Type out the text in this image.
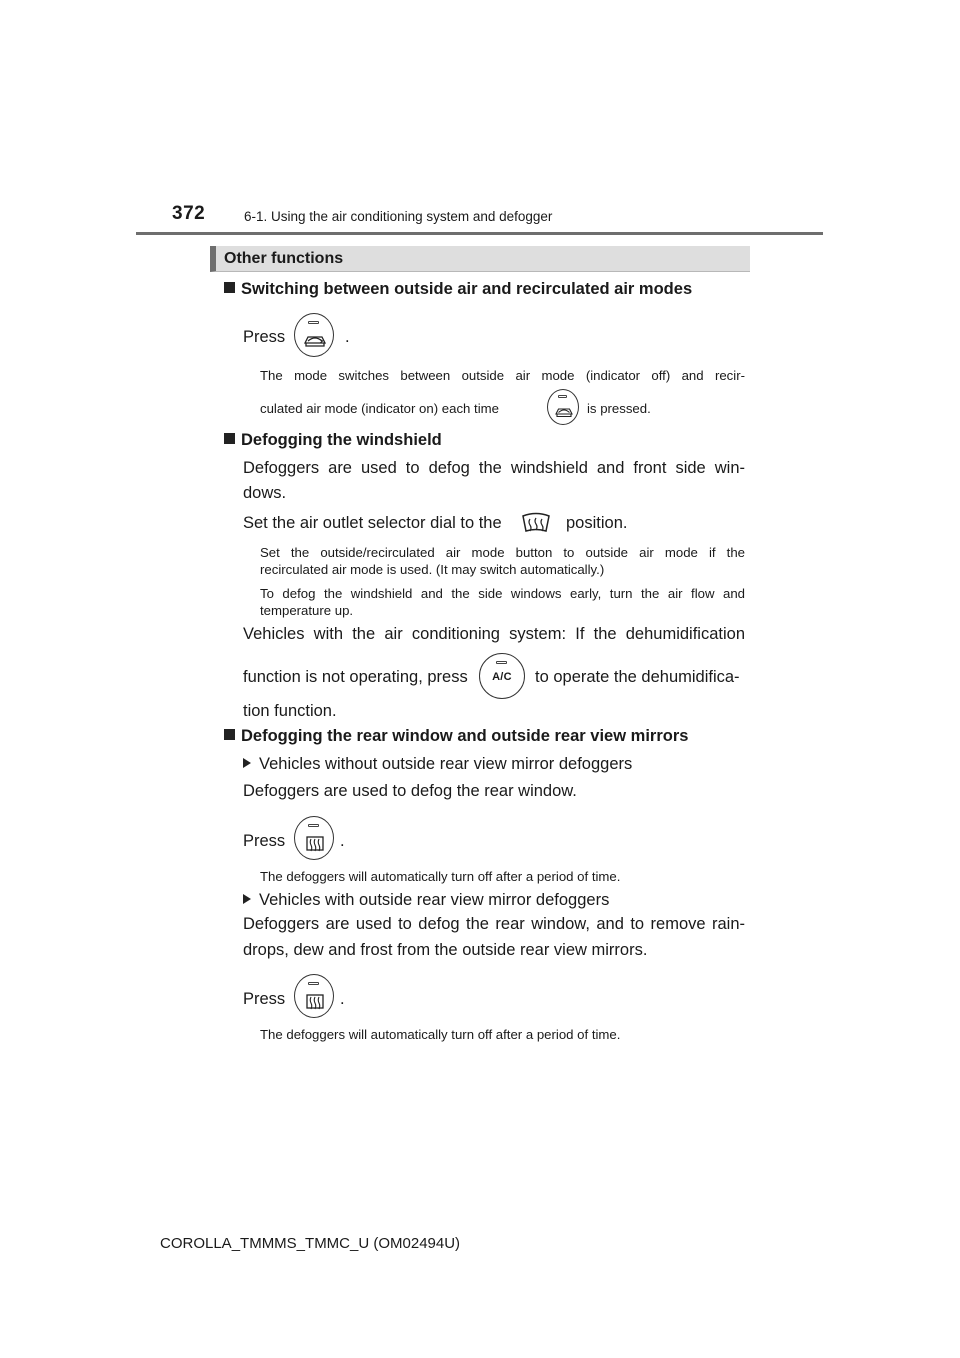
372	6-1. Using the air conditioning system and defogger
Other functions
Switching between outside air and recirculated air modes
Press	.
The mode switches between outside air mode (indicator off) and recir-
culated air mode (indicator on) each time	is pressed.
Defogging the windshield
Defoggers are used to defog the windshield and front side win-
dows.
Set the air outlet selector dial to the	position.
Set the outside/recirculated air mode button to outside air mode if the
recirculated air mode is used. (It may switch automatically.)
To defog the windshield and the side windows early, turn the air flow and
temperature up.
Vehicles with the air conditioning system: If the dehumidification
function is not operating, press	A/C	to operate the dehumidifica-
tion function.
Defogging the rear window and outside rear view mirrors
Vehicles without outside rear view mirror defoggers
Defoggers are used to defog the rear window.
Press	.
The defoggers will automatically turn off after a period of time.
Vehicles with outside rear view mirror defoggers
Defoggers are used to defog the rear window, and to remove rain-
drops, dew and frost from the outside rear view mirrors.
Press	.
The defoggers will automatically turn off after a period of time.
COROLLA_TMMMS_TMMC_U (OM02494U)
